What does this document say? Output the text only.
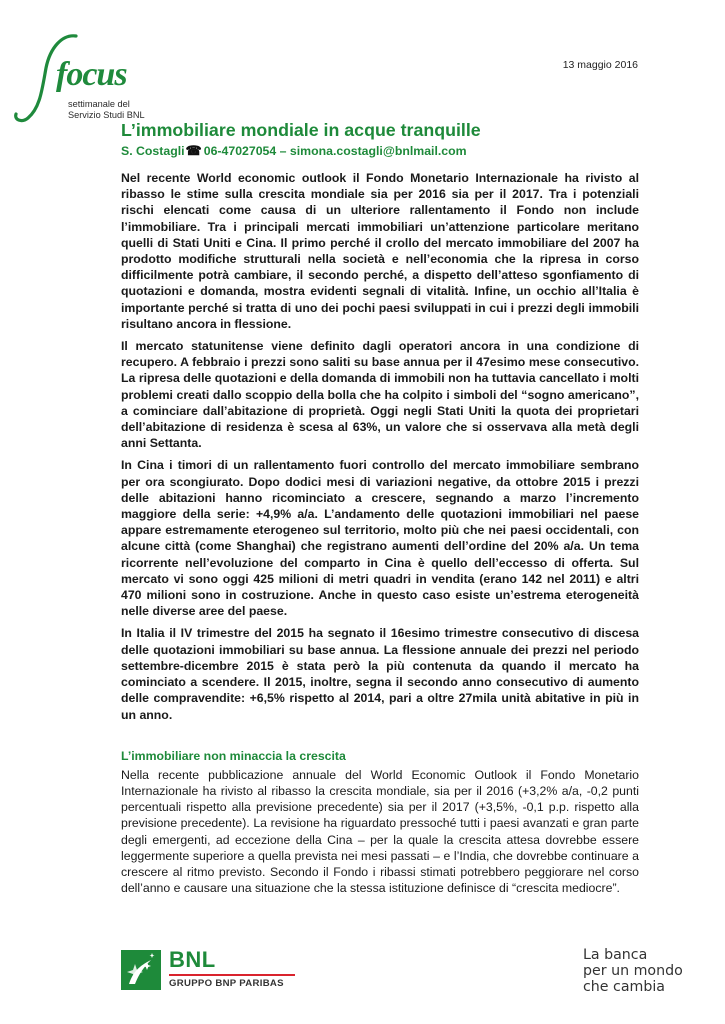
focus
settimanale del
Servizio Studi BNL
13 maggio 2016
L’immobiliare mondiale in acque tranquille
S. Costagli☎ 06-47027054 – simona.costagli@bnlmail.com

Nel recente World economic outlook il Fondo Monetario Internazionale ha rivisto al ribasso le stime sulla crescita mondiale sia per 2016 sia per il 2017. Tra i potenziali rischi elencati come causa di un ulteriore rallentamento il Fondo non include l’immobiliare. Tra i principali mercati immobiliari un’attenzione particolare meritano quelli di Stati Uniti e Cina. Il primo perché il crollo del mercato immobiliare del 2007 ha prodotto modifiche strutturali nella società e nell’economia che la ripresa in corso difficilmente potrà cambiare, il secondo perché, a dispetto dell’atteso sgonfiamento di quotazioni e domanda, mostra evidenti segnali di vitalità. Infine, un occhio all’Italia è importante perché si tratta di uno dei pochi paesi sviluppati in cui i prezzi degli immobili risultano ancora in flessione.

Il mercato statunitense viene definito dagli operatori ancora in una condizione di recupero. A febbraio i prezzi sono saliti su base annua per il 47esimo mese consecutivo. La ripresa delle quotazioni e della domanda di immobili non ha tuttavia cancellato i molti problemi creati dallo scoppio della bolla che ha colpito i simboli del “sogno americano”, a cominciare dall’abitazione di proprietà. Oggi negli Stati Uniti la quota dei proprietari dell’abitazione di residenza è scesa al 63%, un valore che si osservava alla metà degli anni Settanta.

In Cina i timori di un rallentamento fuori controllo del mercato immobiliare sembrano per ora scongiurato. Dopo dodici mesi di variazioni negative, da ottobre 2015 i prezzi delle abitazioni hanno ricominciato a crescere, segnando a marzo l’incremento maggiore della serie: +4,9% a/a. L’andamento delle quotazioni immobiliari nel paese appare estremamente eterogeneo sul territorio, molto più che nei paesi occidentali, con alcune città (come Shanghai) che registrano aumenti dell’ordine del 20% a/a. Un tema ricorrente nell’evoluzione del comparto in Cina è quello dell’eccesso di offerta. Sul mercato vi sono oggi 425 milioni di metri quadri in vendita (erano 142 nel 2011) e altri 470 milioni sono in costruzione. Anche in questo caso esiste un’estrema eterogeneità nelle diverse aree del paese.

In Italia il IV trimestre del 2015 ha segnato il 16esimo trimestre consecutivo di discesa delle quotazioni immobiliari su base annua. La flessione annuale dei prezzi nel periodo settembre-dicembre 2015 è stata però la più contenuta da quando il mercato ha cominciato a scendere. Il 2015, inoltre, segna il secondo anno consecutivo di aumento delle compravendite: +6,5% rispetto al 2014, pari a oltre 27mila unità abitative in più in un anno.

L’immobiliare non minaccia la crescita

Nella recente pubblicazione annuale del World Economic Outlook il Fondo Monetario Internazionale ha rivisto al ribasso la crescita mondiale, sia per il 2016 (+3,2% a/a, -0,2 punti percentuali rispetto alla previsione precedente) sia per il 2017 (+3,5%, -0,1 p.p. rispetto alla previsione precedente). La revisione ha riguardato pressoché tutti i paesi avanzati e gran parte degli emergenti, ad eccezione della Cina – per la quale la crescita attesa dovrebbe essere leggermente superiore a quella prevista nei mesi passati – e l’India, che dovrebbe continuare a crescere al ritmo previsto. Secondo il Fondo i ribassi stimati potrebbero peggiorare nel corso dell’anno e causare una situazione che la stessa istituzione definisce di “crescita mediocre”.

BNL
GRUPPO BNP PARIBAS
La banca
per un mondo
che cambia
